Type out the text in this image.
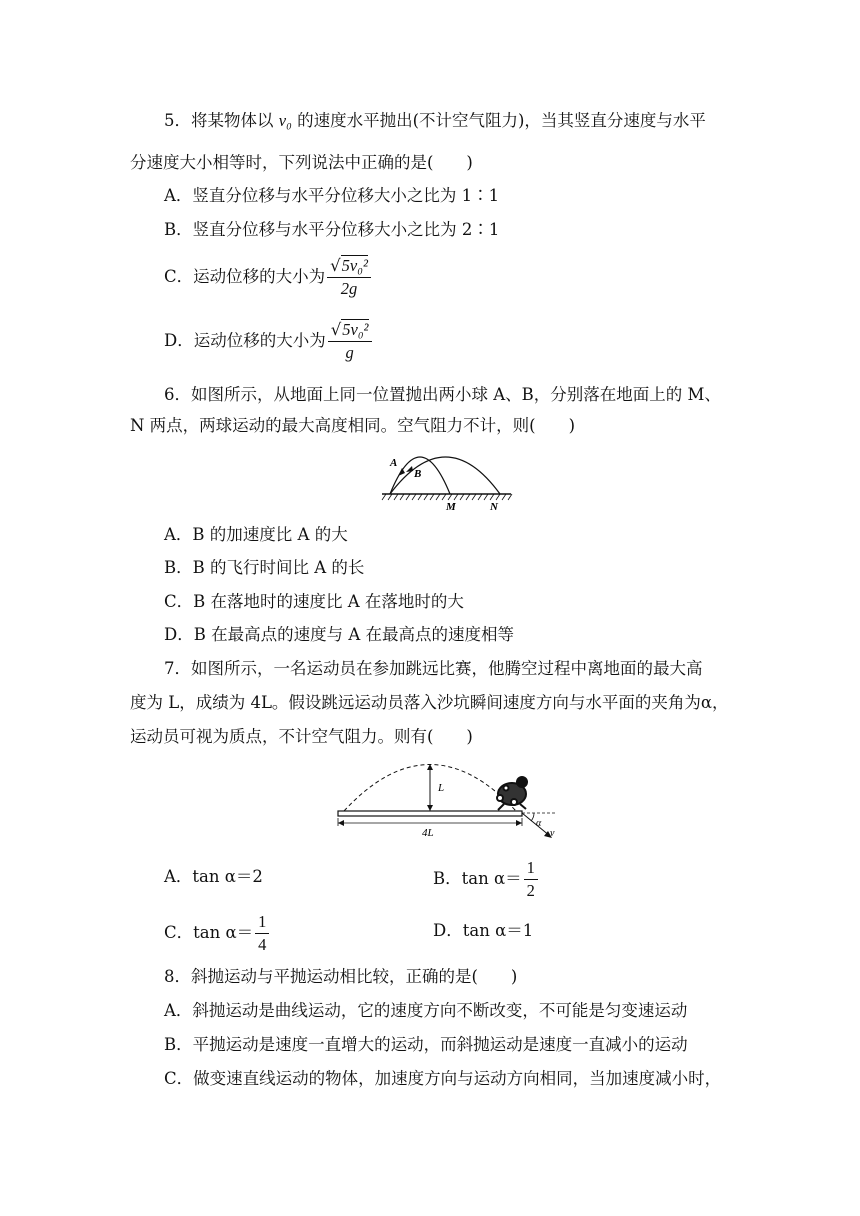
5．将某物体以 v₀ 的速度水平抛出(不计空气阻力)，当其竖直分速度与水平
分速度大小相等时，下列说法中正确的是(　　)
A．竖直分位移与水平分位移大小之比为 1∶1
B．竖直分位移与水平分位移大小之比为 2∶1
C．运动位移的大小为 $\frac{\text{√5v₀²}}{2g}$
D．运动位移的大小为 $\frac{\text{√5v₀²}}{g}$
6．如图所示，从地面上同一位置抛出两小球 A、B，分别落在地面上的 M、
N 两点，两球运动的最大高度相同。空气阻力不计，则(　　)
A
B
M	N
A．B 的加速度比 A 的大
B．B 的飞行时间比 A 的长
C．B 在落地时的速度比 A 在落地时的大
D．B 在最高点的速度与 A 在最高点的速度相等
7．如图所示，一名运动员在参加跳远比赛，他腾空过程中离地面的最大高
度为 L，成绩为 4L。假设跳远运动员落入沙坑瞬间速度方向与水平面的夹角为α，
运动员可视为质点，不计空气阻力。则有(　　)
L
4L
α
v
A．tan α＝2	B．$\tan \alpha= \frac{1}{2}$
C．$\tan \alpha= \frac{1}{4}$	D．tan α＝1
8．斜抛运动与平抛运动相比较，正确的是(　　)
A．斜抛运动是曲线运动，它的速度方向不断改变，不可能是匀变速运动
B．平抛运动是速度一直增大的运动，而斜抛运动是速度一直减小的运动
C．做变速直线运动的物体，加速度方向与运动方向相同，当加速度减小时，
